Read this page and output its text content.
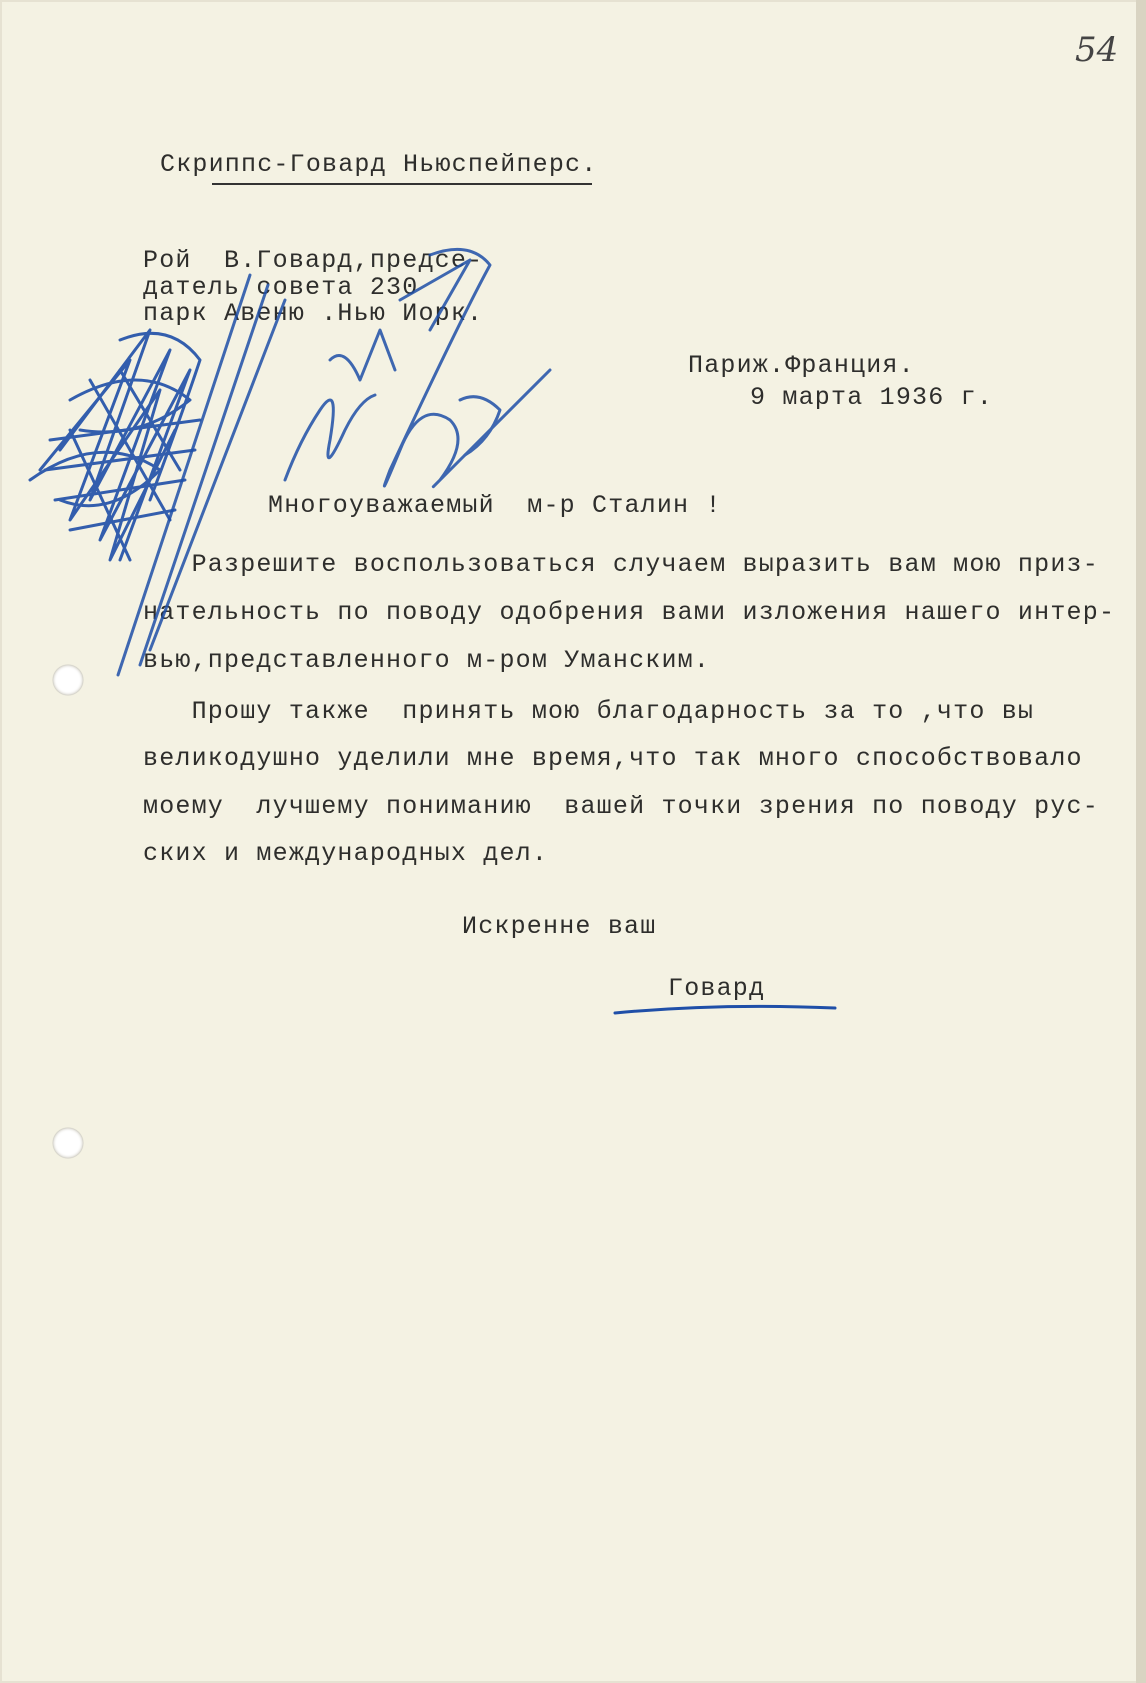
54
Скриппс-Говард Ньюспейперс.
Рой  В.Говард,предсе-
датель совета 230
парк Авеню .Нью Иорк.
Париж.Франция.
9 марта 1936 г.
Многоуважаемый  м-р Сталин !
Разрешите воспользоваться случаем выразить вам мою приз-
нательность по поводу одобрения вами изложения нашего интер-
вью,представленного м-ром Уманским.
Прошу также  принять мою благодарность за то ,что вы
великодушно уделили мне время,что так много способствовало
моему  лучшему пониманию  вашей точки зрения по поводу рус-
ских и международных дел.
Искренне ваш
Говард
